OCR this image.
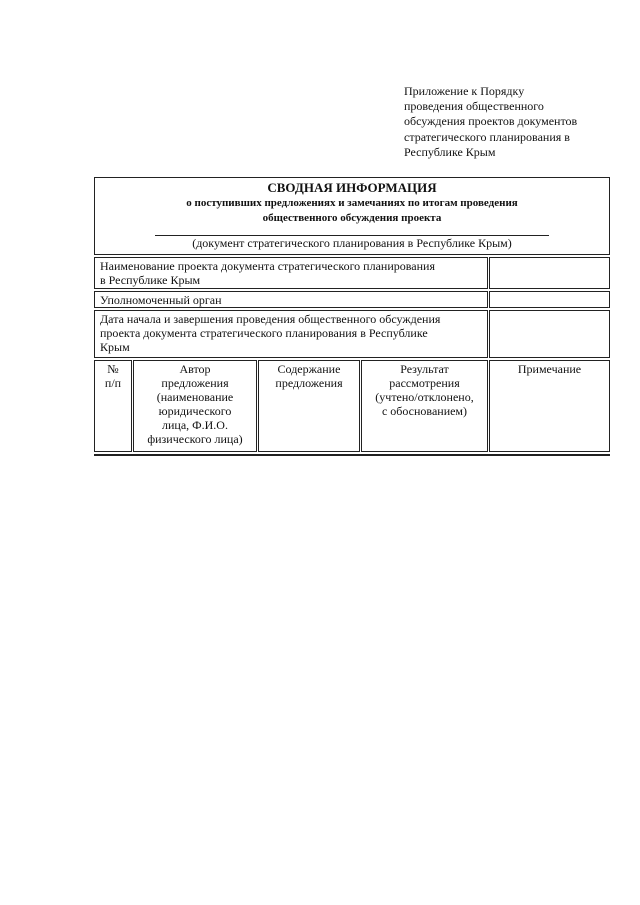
Приложение к Порядку
проведения общественного
обсуждения проектов документов
стратегического планирования в
Республике Крым
СВОДНАЯ ИНФОРМАЦИЯ
о поступивших предложениях и замечаниях по итогам проведения
общественного обсуждения проекта
(документ стратегического планирования в Республике Крым)
Наименование проекта документа стратегического планирования
в Республике Крым
Уполномоченный орган
Дата начала и завершения проведения общественного обсуждения
проекта документа стратегического планирования в Республике
Крым
№
п/п
Автор
предложения
(наименование
юридического
лица, Ф.И.О.
физического лица)
Содержание
предложения
Результат
рассмотрения
(учтено/отклонено,
с обоснованием)
Примечание
